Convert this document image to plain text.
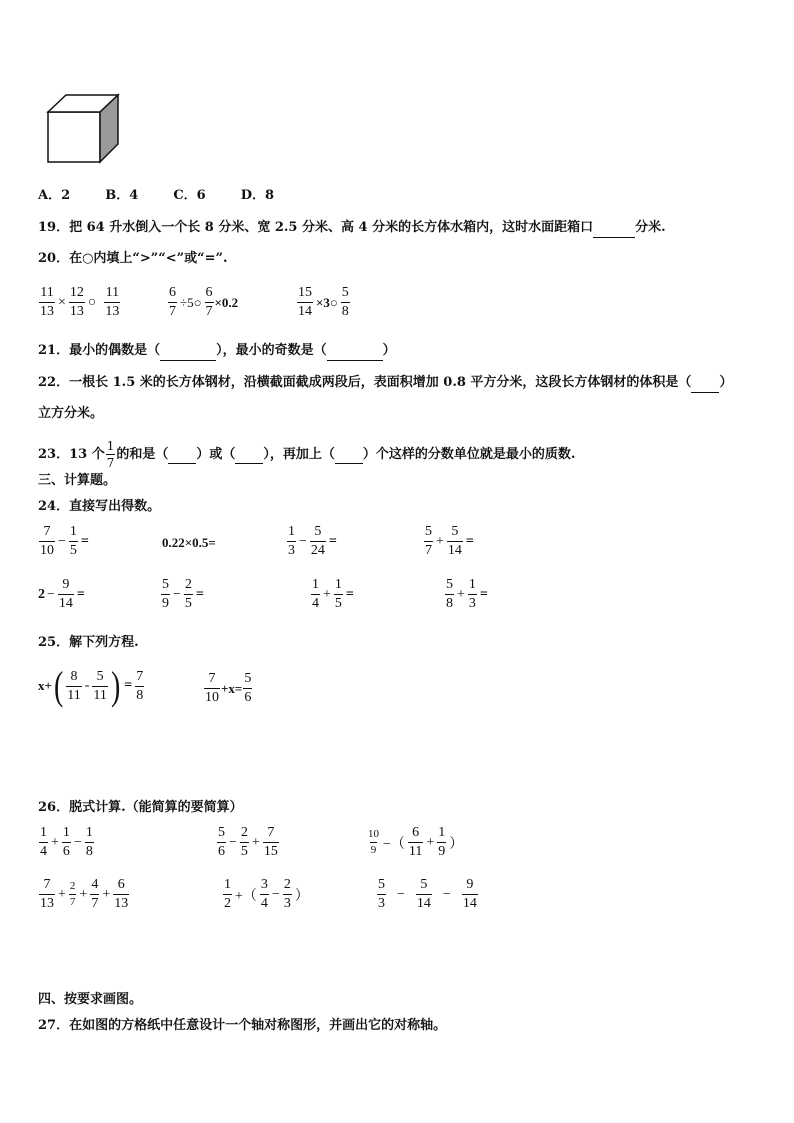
A．2	B．4	C．6	D．8
19．把 64 升水倒入一个长 8 分米、宽 2.5 分米、高 4 分米的长方体水箱内，这时水面距箱口	分米.
20．在○内填上“>”“<”或“=”.
$\frac{11}{13} \times \frac{12}{13}$ ○ $\frac{11}{13}$	$\frac{6}{7}$ ÷5○ $\frac{6}{7} \times 0.2$	$\frac{15}{14}$ ×3○ $\frac{5}{8}$
21．最小的偶数是（	），最小的奇数是（	）
22．一根长 1.5 米的长方体钢材，沿横截面截成两段后，表面积增加 0.8 平方分米，这段长方体钢材的体积是（ ）
立方分米。
23．13 个 $\frac{1}{7}$ 的和是（
）或（
），再加上（
）个这样的分数单位就是最小的质数.
三、计算题。
24．直接写出得数。
$\frac{7}{10} - \frac{1}{5}$ =	0.22×0.5=	$\frac{1}{3} - \frac{5}{24}$ =	$\frac{5}{7} + \frac{5}{14}$ =
$2 - \frac{9}{14}$ =	$\frac{5}{9} - \frac{2}{5}$ =	$\frac{1}{4} + \frac{1}{5}$ =	$\frac{5}{8} + \frac{1}{3}$ =
25．解下列方程.
x+ ( $\frac{8}{11} - \frac{5}{11}$ ) = $\frac{7}{8}$	$\frac{7}{10} +x= \frac{5}{6}$
26．脱式计算.（能简算的要简算）
$\frac{1}{4} + \frac{1}{6} - \frac{1}{8}$	$\frac{5}{6} - \frac{2}{5} + \frac{7}{15}$	$\frac{10}{9}$ −（ $\frac{6}{11} + \frac{1}{9}$ ）
$\frac{7}{13} + \frac{2}{7} + \frac{4}{7} + \frac{6}{13}$	$\frac{1}{2}$ +（ $\frac{3}{4} - \frac{2}{3}$ ）	$\frac{5}{3} - \frac{5}{14} - \frac{9}{14}$
四、按要求画图。
27．在如图的方格纸中任意设计一个轴对称图形，并画出它的对称轴。
